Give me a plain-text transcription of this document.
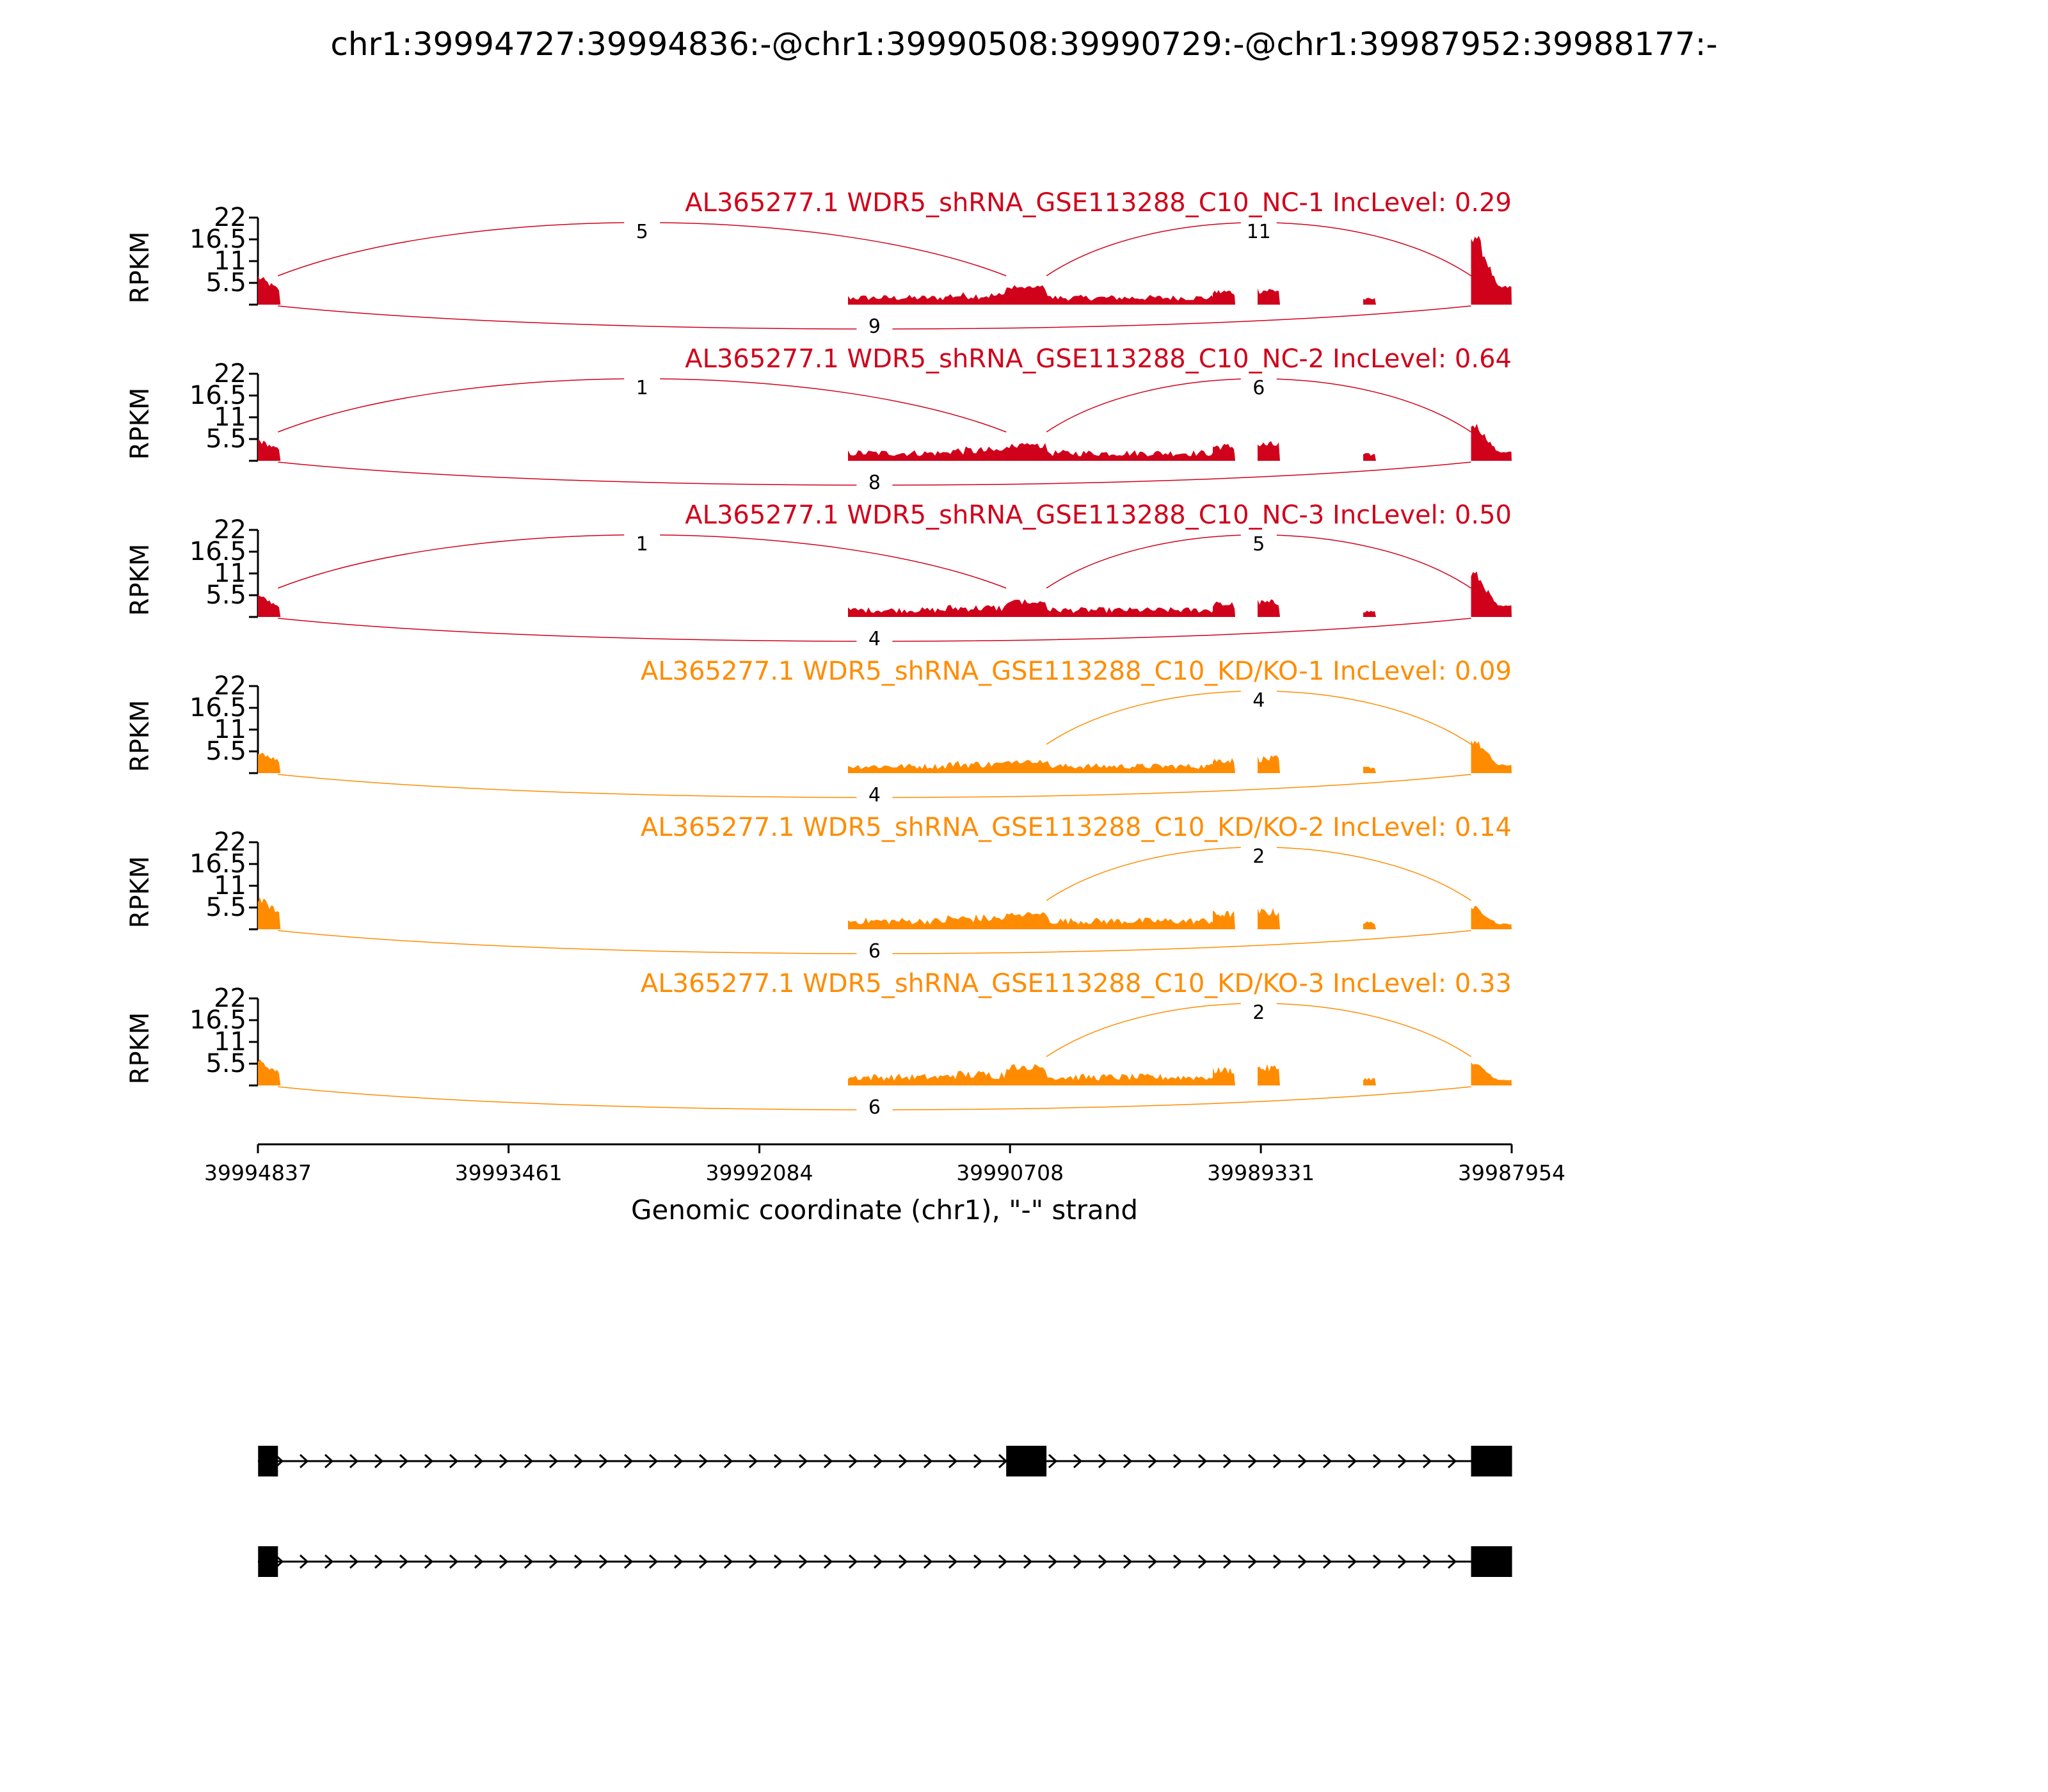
chr1:39994727:39994836:-@chr1:39990508:39990729:-@chr1:39987952:39988177:-
5.5
11
16.5
22
RPKM
AL365277.1 WDR5_shRNA_GSE113288_C10_NC-1 IncLevel: 0.29
5	11
9
5.5
11
16.5
22
RPKM
AL365277.1 WDR5_shRNA_GSE113288_C10_NC-2 IncLevel: 0.64
1	6
8
5.5
11
16.5
22
RPKM
AL365277.1 WDR5_shRNA_GSE113288_C10_NC-3 IncLevel: 0.50
1	5
4
5.5
11
16.5
22
RPKM
AL365277.1 WDR5_shRNA_GSE113288_C10_KD/KO-1 IncLevel: 0.09
4
4
5.5
11
16.5
22
RPKM
AL365277.1 WDR5_shRNA_GSE113288_C10_KD/KO-2 IncLevel: 0.14
2
6
5.5
11
16.5
22
RPKM
AL365277.1 WDR5_shRNA_GSE113288_C10_KD/KO-3 IncLevel: 0.33
2
6
39994837	39993461	39992084	39990708	39989331	39987954
Genomic coordinate (chr1), "-" strand
